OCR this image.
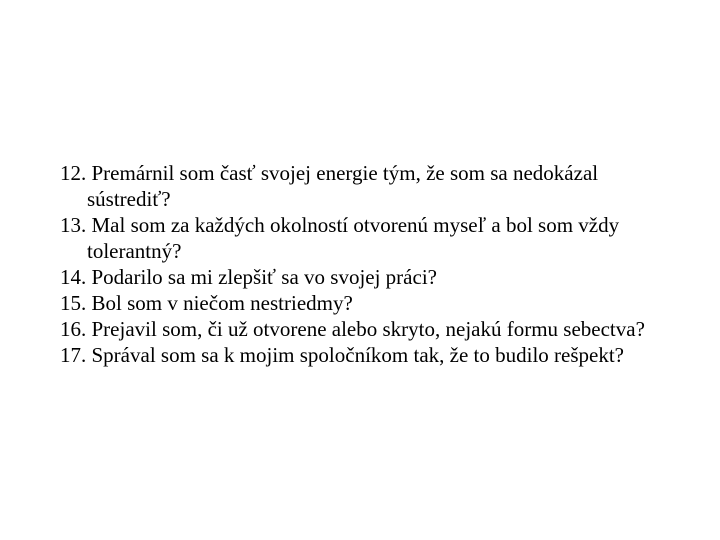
12. Premárnil som časť svojej energie tým, že som sa nedokázal sústrediť?
13. Mal som za každých okolností otvorenú myseľ a bol som vždy tolerantný?
14. Podarilo sa mi zlepšiť sa vo svojej práci?
15. Bol som v niečom nestriedmy?
16. Prejavil som, či už otvorene alebo skryto, nejakú formu sebectva?
17. Správal som sa k mojim spoločníkom tak, že to budilo rešpekt?
